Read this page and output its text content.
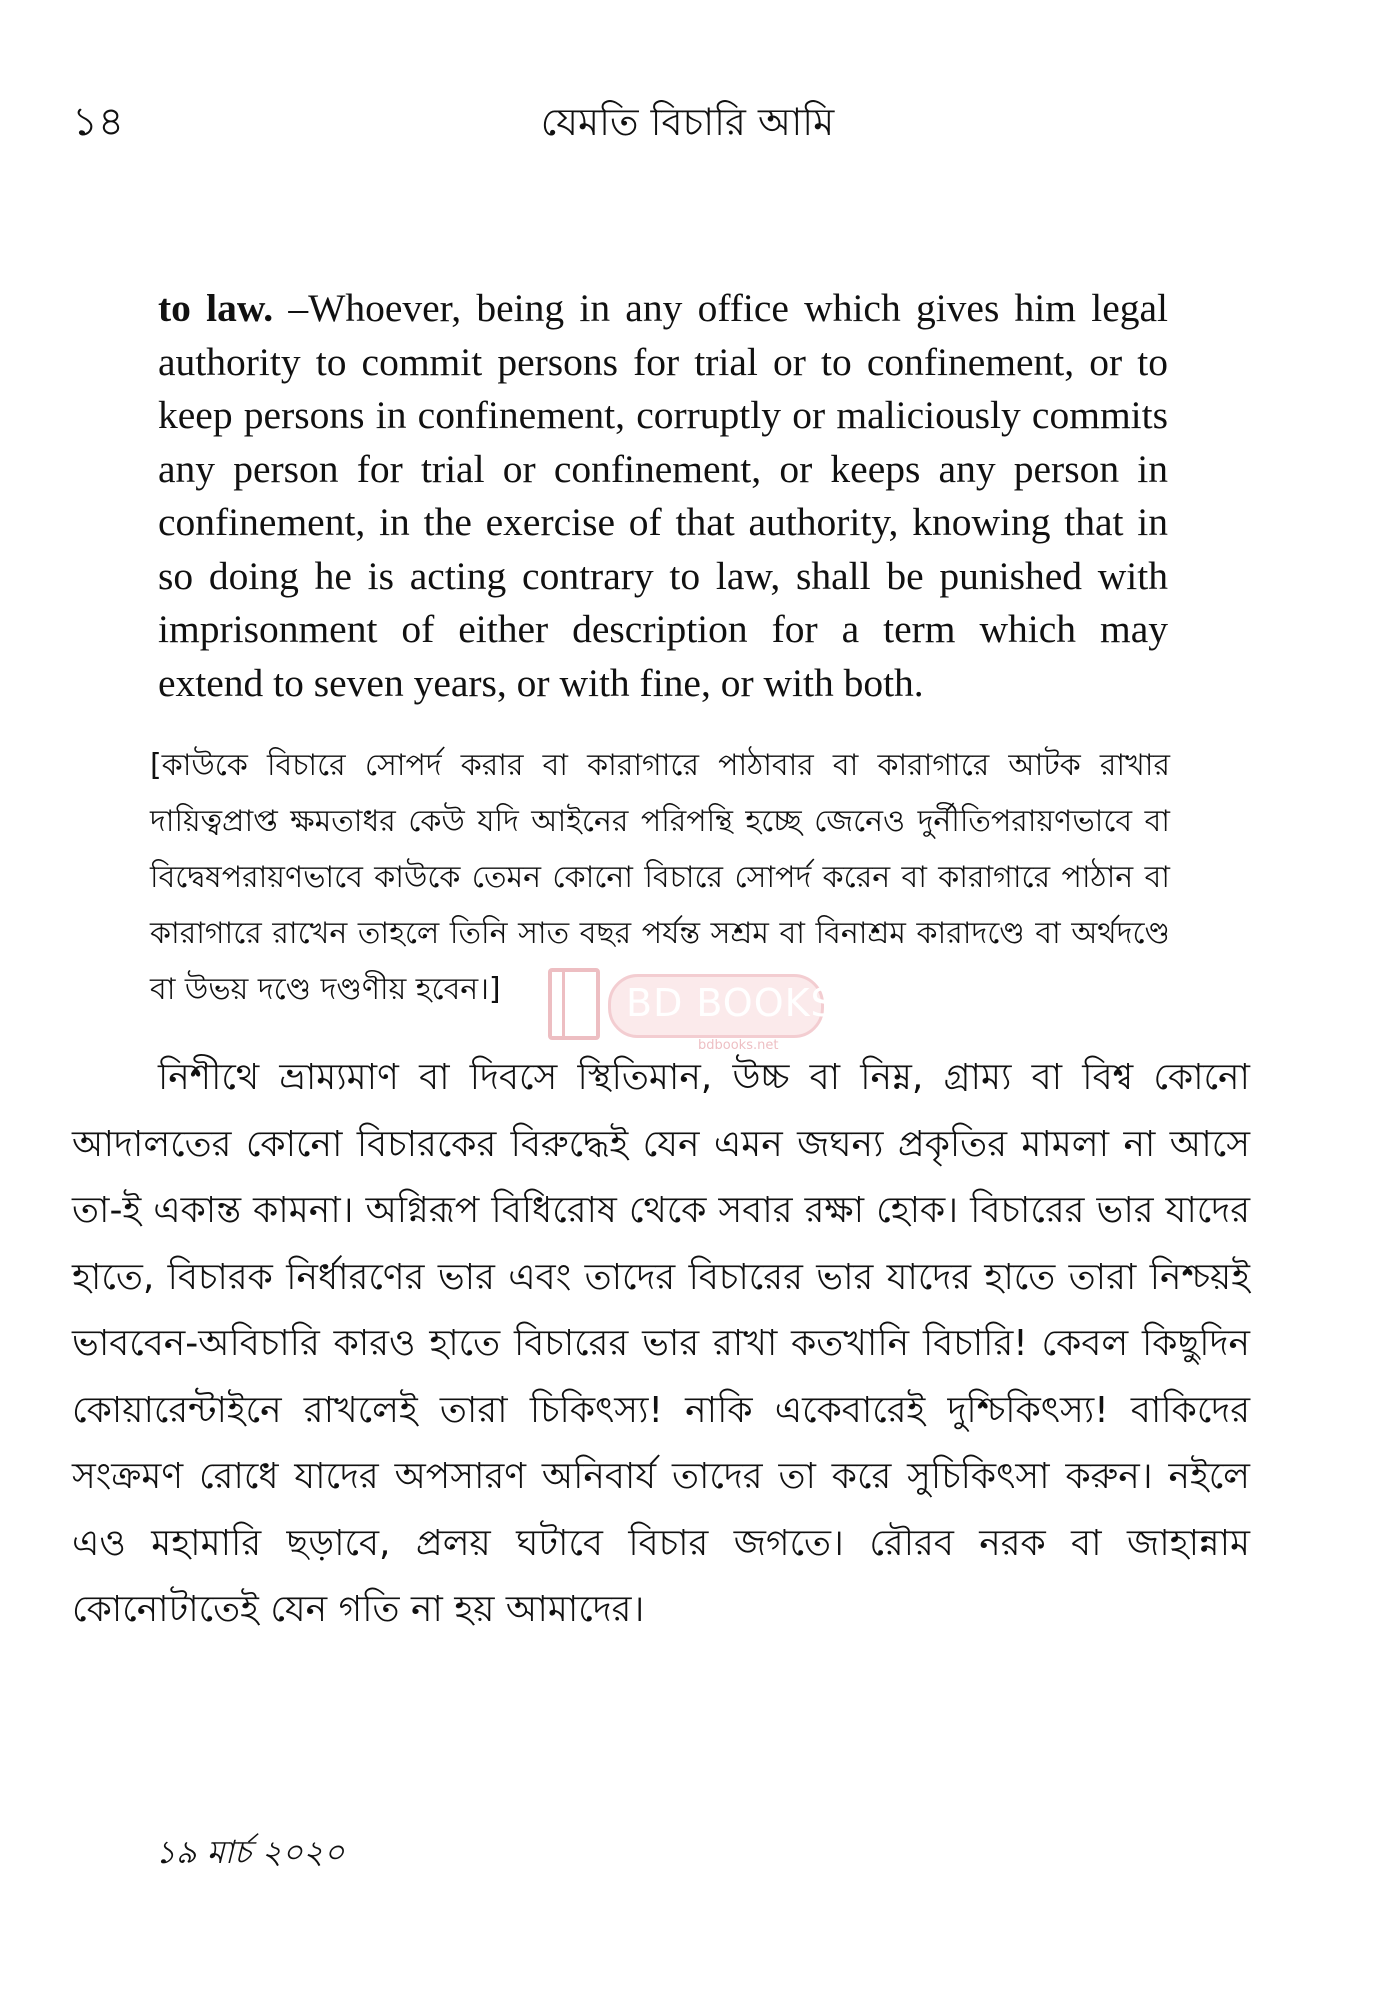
১৪	যেমতি বিচারি আমি

to law. –Whoever, being in any office which gives him legal authority to commit persons for trial or to confinement, or to keep persons in confinement, corruptly or maliciously commits any person for trial or confinement, or keeps any person in confinement, in the exercise of that authority, knowing that in so doing he is acting contrary to law, shall be punished with imprisonment of either description for a term which may extend to seven years, or with fine, or with both.

[কাউকে বিচারে সোপর্দ করার বা কারাগারে পাঠাবার বা কারাগারে আটক রাখার দায়িত্বপ্রাপ্ত ক্ষমতাধর কেউ যদি আইনের পরিপন্থি হচ্ছে জেনেও দুর্নীতিপরায়ণভাবে বা বিদ্বেষপরায়ণভাবে কাউকে তেমন কোনো বিচারে সোপর্দ করেন বা কারাগারে পাঠান বা কারাগারে রাখেন তাহলে তিনি সাত বছর পর্যন্ত সশ্রম বা বিনাশ্রম কারাদণ্ডে বা অর্থদণ্ডে বা উভয় দণ্ডে দণ্ডণীয় হবেন।]

নিশীথে ভ্রাম্যমাণ বা দিবসে স্থিতিমান, উচ্চ বা নিম্ন, গ্রাম্য বা বিশ্ব কোনো আদালতের কোনো বিচারকের বিরুদ্ধেই যেন এমন জঘন্য প্রকৃতির মামলা না আসে তা-ই একান্ত কামনা। অগ্নিরূপ বিধিরোষ থেকে সবার রক্ষা হোক। বিচারের ভার যাদের হাতে, বিচারক নির্ধারণের ভার এবং তাদের বিচারের ভার যাদের হাতে তারা নিশ্চয়ই ভাববেন-অবিচারি কারও হাতে বিচারের ভার রাখা কতখানি বিচারি! কেবল কিছুদিন কোয়ারেন্টাইনে রাখলেই তারা চিকিৎস্য! নাকি একেবারেই দুশ্চিকিৎস্য! বাকিদের সংক্রমণ রোধে যাদের অপসারণ অনিবার্য তাদের তা করে সুচিকিৎসা করুন। নইলে এও মহামারি ছড়াবে, প্রলয় ঘটাবে বিচার জগতে। রৌরব নরক বা জাহান্নাম কোনোটাতেই যেন গতি না হয় আমাদের।

১৯ মার্চ ২০২০
BD BOOKS
bdbooks.net
